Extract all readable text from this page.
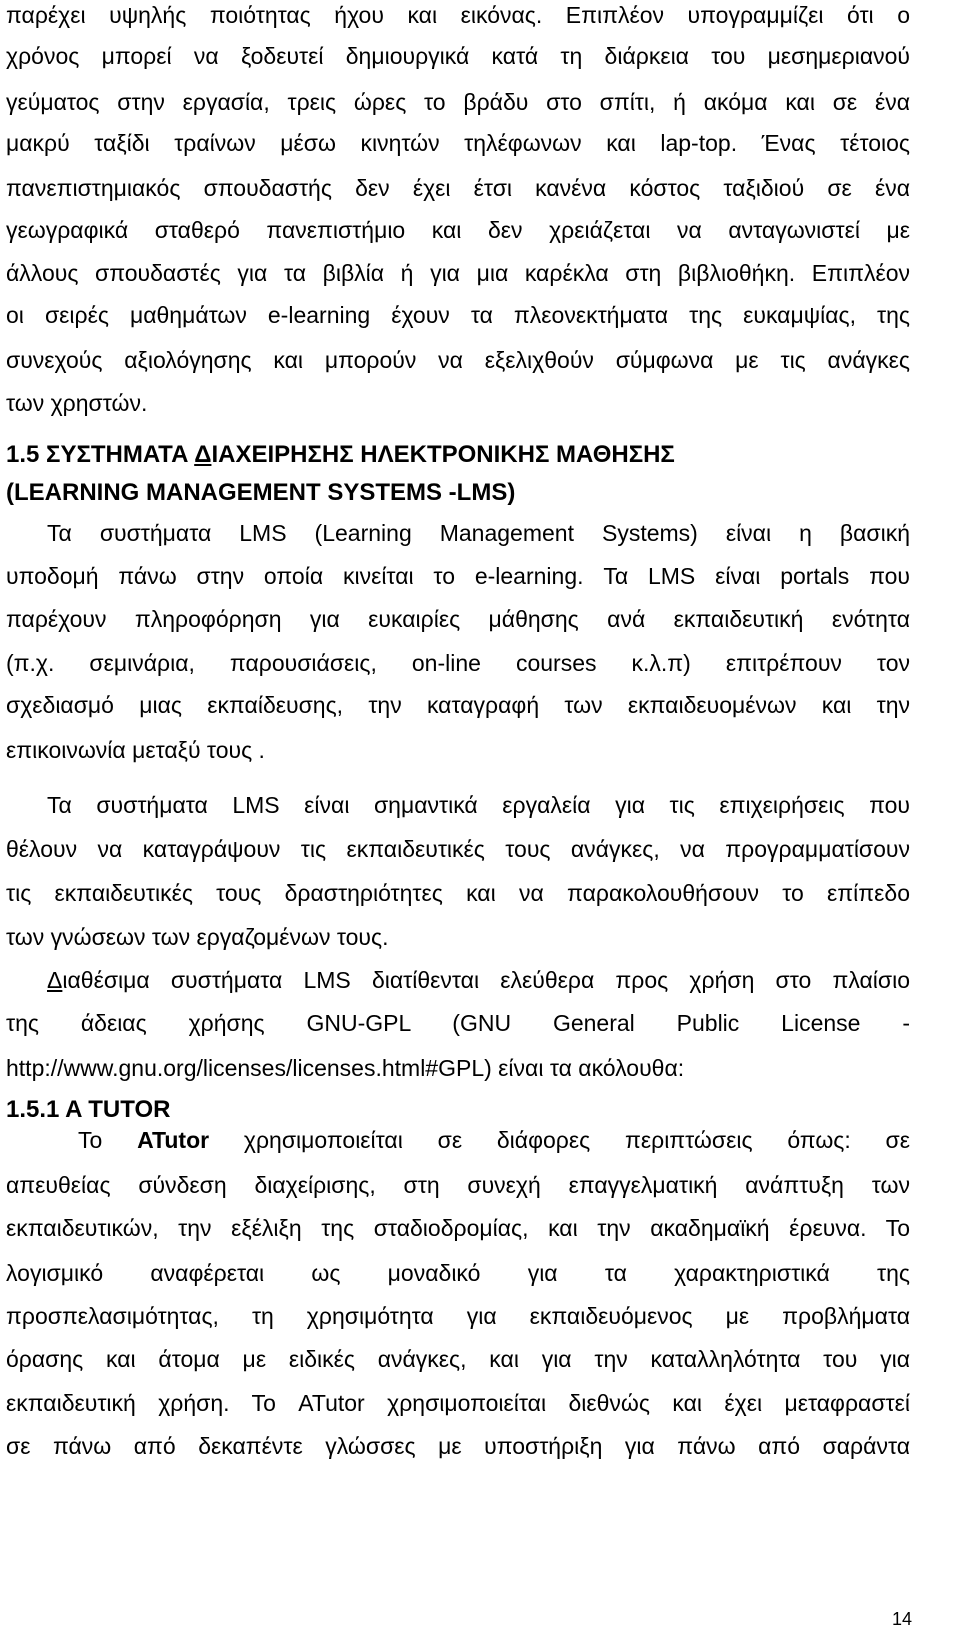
παρέχει υψηλής ποιότητας ήχου και εικόνας. Επιπλέον υπογραμμίζει ότι ο
χρόνος μπορεί να ξοδευτεί δημιουργικά κατά τη διάρκεια του μεσημεριανού
γεύματος στην εργασία, τρεις ώρες το βράδυ στο σπίτι, ή ακόμα και σε ένα
μακρύ ταξίδι τραίνων μέσω κινητών τηλέφωνων και lap-top. Ένας τέτοιος
πανεπιστημιακός σπουδαστής δεν έχει έτσι κανένα κόστος ταξιδιού σε ένα
γεωγραφικά σταθερό πανεπιστήμιο και δεν χρειάζεται να ανταγωνιστεί με
άλλους σπουδαστές για τα βιβλία ή για μια καρέκλα στη βιβλιοθήκη. Επιπλέον
οι σειρές μαθημάτων e-learning έχουν τα πλεονεκτήματα της ευκαμψίας, της
συνεχούς αξιολόγησης και μπορούν να εξελιχθούν σύμφωνα με τις ανάγκες
των χρηστών.
1.5 ΣΥΣΤΗΜΑΤΑ ΔΙΑΧΕΙΡΗΣΗΣ ΗΛΕΚΤΡΟΝΙΚΗΣ ΜΑΘΗΣΗΣ
(LEARNING MANAGEMENT SYSTEMS -LMS)
Τα συστήματα LMS (Learning Management Systems) είναι η βασική
υποδομή πάνω στην οποία κινείται το e-learning. Τα LMS είναι portals που
παρέχουν πληροφόρηση για ευκαιρίες μάθησης ανά εκπαιδευτική ενότητα
(π.χ. σεμινάρια, παρουσιάσεις, on-line courses κ.λ.π) επιτρέπουν τον
σχεδιασμό μιας εκπαίδευσης, την καταγραφή των εκπαιδευομένων και την
επικοινωνία μεταξύ τους .
Τα συστήματα LMS είναι σημαντικά εργαλεία για τις επιχειρήσεις που
θέλουν να καταγράψουν τις εκπαιδευτικές τους ανάγκες, να προγραμματίσουν
τις εκπαιδευτικές τους δραστηριότητες και να παρακολουθήσουν το επίπεδο
των γνώσεων των εργαζομένων τους.
Διαθέσιμα συστήματα LMS διατίθενται ελεύθερα προς χρήση στο πλαίσιο
της άδειας χρήσης GNU-GPL (GNU General Public License -
http://www.gnu.org/licenses/licenses.html#GPL) είναι τα ακόλουθα:
1.5.1 A TUTOR
Το ATutor χρησιμοποιείται σε διάφορες περιπτώσεις όπως: σε
απευθείας σύνδεση διαχείρισης, στη συνεχή επαγγελματική ανάπτυξη των
εκπαιδευτικών, την εξέλιξη της σταδιοδρομίας, και την ακαδημαϊκή έρευνα. Το
λογισμικό αναφέρεται ως μοναδικό για τα χαρακτηριστικά της
προσπελασιμότητας, τη χρησιμότητα για εκπαιδευόμενος με προβλήματα
όρασης και άτομα με ειδικές ανάγκες, και για την καταλληλότητα του για
εκπαιδευτική χρήση. Το ATutor χρησιμοποιείται διεθνώς και έχει μεταφραστεί
σε πάνω από δεκαπέντε γλώσσες με υποστήριξη για πάνω από σαράντα
14
